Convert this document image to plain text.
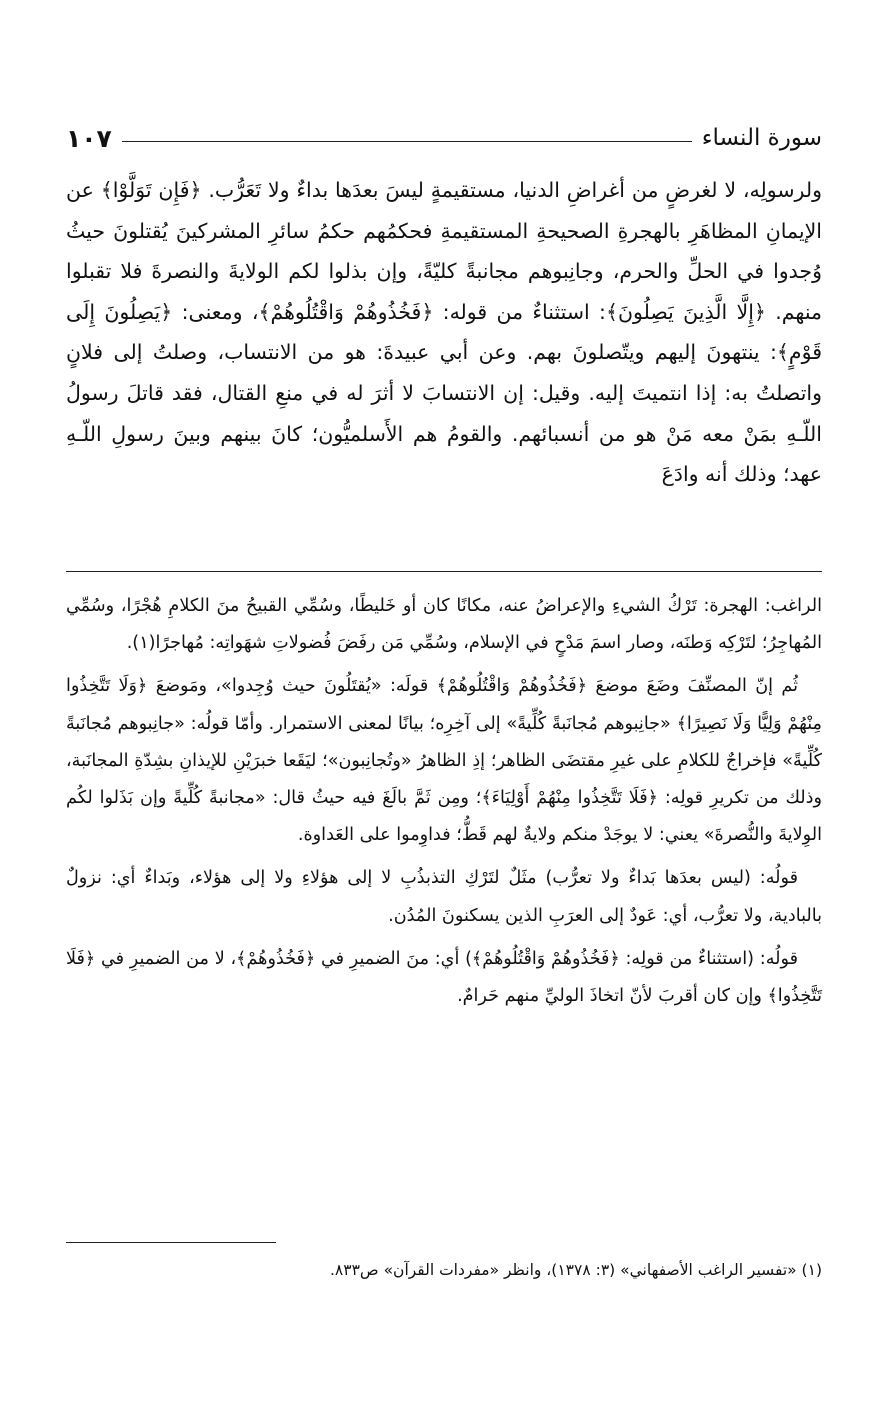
سورة النساء
١٠٧

ولرسولِه، لا لغرضٍ من أغراضِ الدنيا، مستقيمةٍ ليسَ بعدَها بداءٌ ولا تَعَرُّب. ﴿فَإِن تَوَلَّوْا﴾ عن الإيمانِ المظاهَرِ بالهجرةِ الصحيحةِ المستقيمةِ فحكمُهم حكمُ سائرِ المشركينَ يُقتلونَ حيثُ وُجدوا في الحلِّ والحرم، وجانِبوهم مجانبةً كليّةً، وإن بذلوا لكم الولايةَ والنصرةَ فلا تقبلوا منهم. ﴿إِلَّا الَّذِينَ يَصِلُونَ﴾: استثناءٌ من قوله: ﴿فَخُذُوهُمْ وَاقْتُلُوهُمْ﴾، ومعنى: ﴿يَصِلُونَ إِلَى قَوْمٍ﴾: ينتهونَ إليهم ويتّصلونَ بهم. وعن أبي عبيدةَ: هو من الانتساب، وصلتُ إلى فلانٍ واتصلتُ به: إذا انتميتَ إليه. وقيل: إن الانتسابَ لا أثرَ له في منعِ القتال، فقد قاتلَ رسولُ اللّـهِ بمَنْ معه مَنْ هو من أنسبائهم. والقومُ هم الأَسلميُّون؛ كانَ بينهم وبينَ رسولِ اللّـهِ عهد؛ وذلك أنه وادَعَ

الراغب: الهجرة: تَرْكُ الشيءِ والإعراضُ عنه، مكانًا كان أو خَليطًا، وسُمِّي القبيحُ منَ الكلامِ هُجْرًا، وسُمِّي المُهاجِرُ؛ لتَرْكِه وَطنَه، وصار اسمَ مَدْحٍ في الإسلام، وسُمِّي مَن رفَضَ فُضولاتِ شهَواتِه: مُهاجرًا(١).

ثُم إنّ المصنِّفَ وضَعَ موضعَ ﴿فَخُذُوهُمْ وَاقْتُلُوهُمْ﴾ قولَه: «يُقتَلُونَ حيث وُجِدوا»، ومَوضعَ ﴿وَلَا تَتَّخِذُوا مِنْهُمْ وَلِيًّا وَلَا نَصِيرًا﴾ «جانِبوهم مُجانَبةً كُلِّيةً» إلى آخِرِه؛ بيانًا لمعنى الاستمرار. وأمّا قولُه: «جانِبوهم مُجانَبةً كُلِّيةً» فإخراجٌ للكلامِ على غيرِ مقتضَى الظاهر؛ إذِ الظاهرُ «وتُجانِبون»؛ ليَقَعا خبرَيْنِ للإيذانِ بشِدّةِ المجانَبة، وذلك من تكريرِ قولِه: ﴿فَلَا تَتَّخِذُوا مِنْهُمْ أَوْلِيَاءَ﴾؛ ومِن ثَمَّ بالَغَ فيه حيثُ قال: «مجانبةً كُلِّيةً وإن بَذَلوا لكُم الوِلايةَ والنُّصرةَ» يعني: لا يوجَدْ منكم ولايةٌ لهم قَطُّ؛ فداوِموا على العَداوة.

قولُه: (ليس بعدَها بَداءٌ ولا تعرُّب) مثَلٌ لتَرْكِ التذبذُبِ لا إلى هؤلاءِ ولا إلى هؤلاء، وبَداءٌ أي: نزولٌ بالبادية، ولا تعرُّب، أي: عَودٌ إلى العرَبِ الذين يسكنونَ المُدُن.

قولُه: (استثناءٌ من قولِه: ﴿فَخُذُوهُمْ وَاقْتُلُوهُمْ﴾) أي: منَ الضميرِ في ﴿فَخُذُوهُمْ﴾، لا من الضميرِ في ﴿فَلَا تَتَّخِذُوا﴾ وإن كان أقربَ لأنّ اتخاذَ الوليِّ منهم حَرامٌ.

(١) «تفسير الراغب الأصفهاني» (٣: ١٣٧٨)، وانظر «مفردات القرآن» ص٨٣٣.
